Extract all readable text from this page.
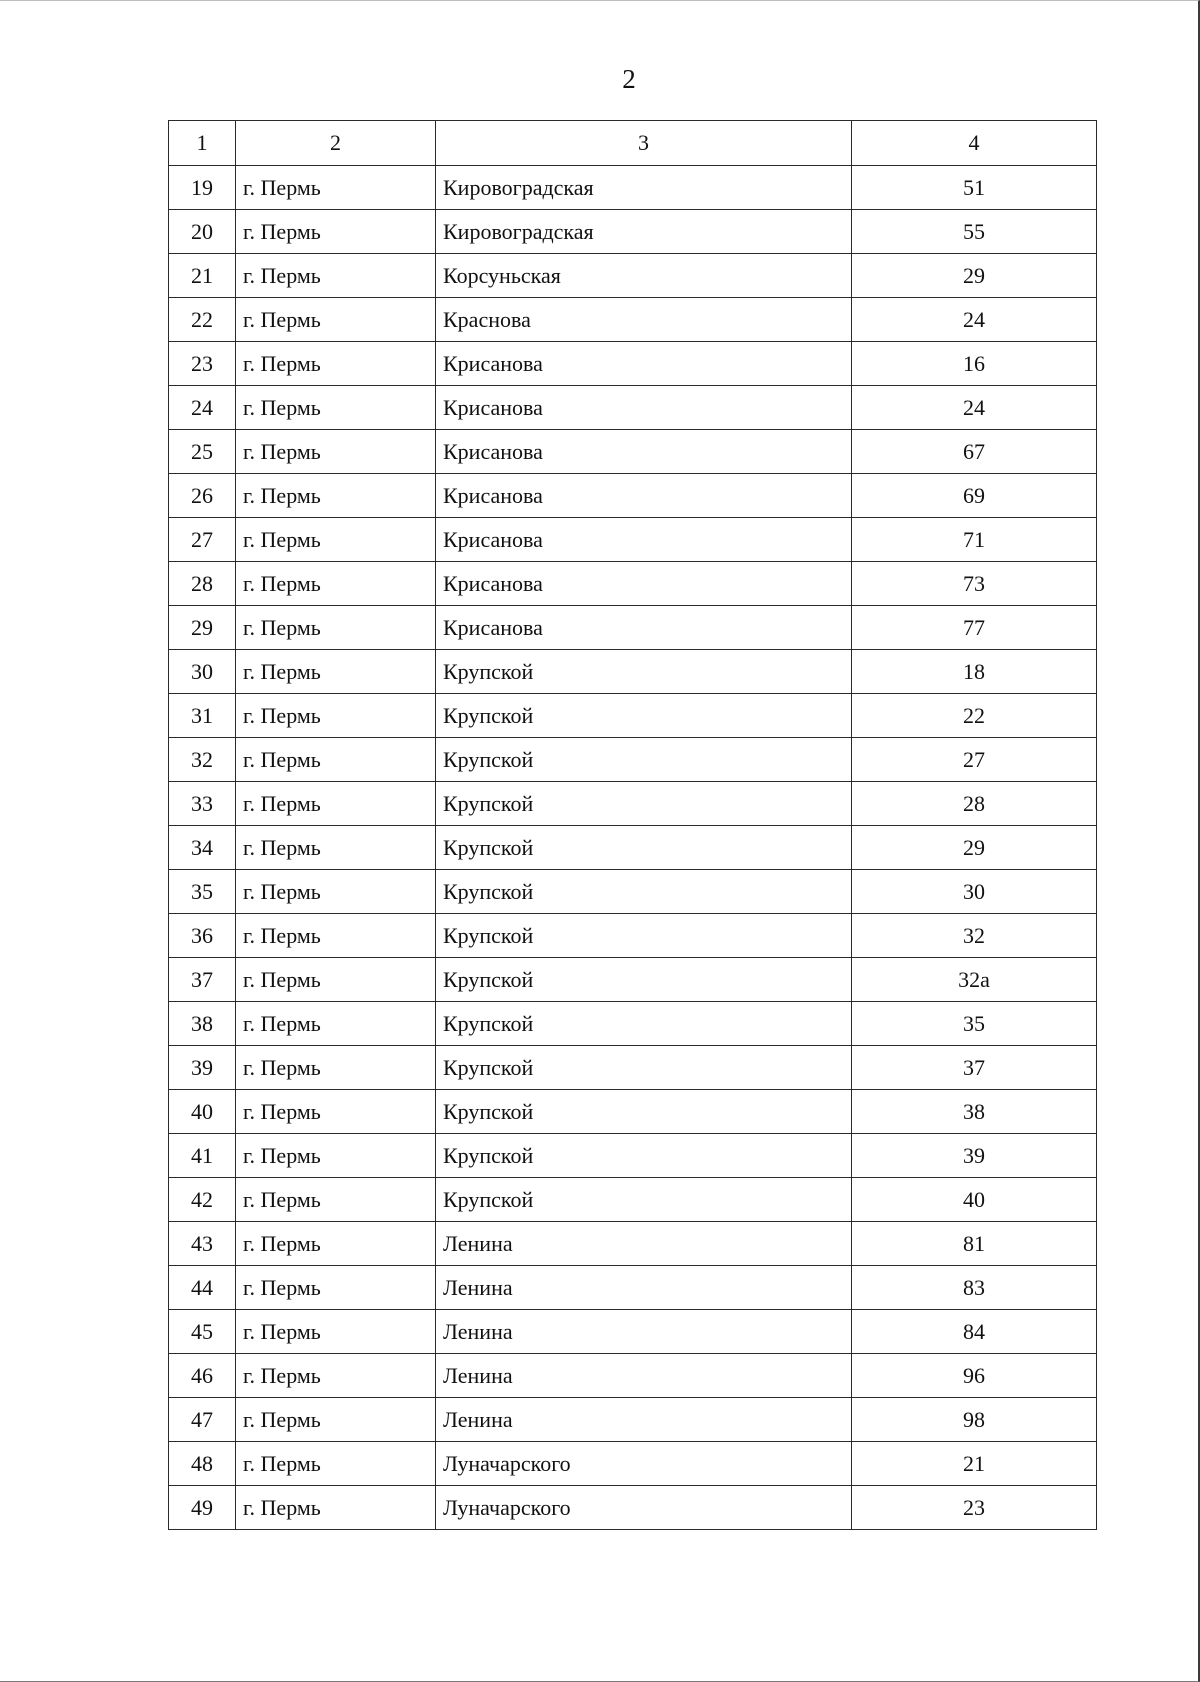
2
1	2	3	4
19	г. Пермь	Кировоградская	51
20	г. Пермь	Кировоградская	55
21	г. Пермь	Корсуньская	29
22	г. Пермь	Краснова	24
23	г. Пермь	Крисанова	16
24	г. Пермь	Крисанова	24
25	г. Пермь	Крисанова	67
26	г. Пермь	Крисанова	69
27	г. Пермь	Крисанова	71
28	г. Пермь	Крисанова	73
29	г. Пермь	Крисанова	77
30	г. Пермь	Крупской	18
31	г. Пермь	Крупской	22
32	г. Пермь	Крупской	27
33	г. Пермь	Крупской	28
34	г. Пермь	Крупской	29
35	г. Пермь	Крупской	30
36	г. Пермь	Крупской	32
37	г. Пермь	Крупской	32а
38	г. Пермь	Крупской	35
39	г. Пермь	Крупской	37
40	г. Пермь	Крупской	38
41	г. Пермь	Крупской	39
42	г. Пермь	Крупской	40
43	г. Пермь	Ленина	81
44	г. Пермь	Ленина	83
45	г. Пермь	Ленина	84
46	г. Пермь	Ленина	96
47	г. Пермь	Ленина	98
48	г. Пермь	Луначарского	21
49	г. Пермь	Луначарского	23
